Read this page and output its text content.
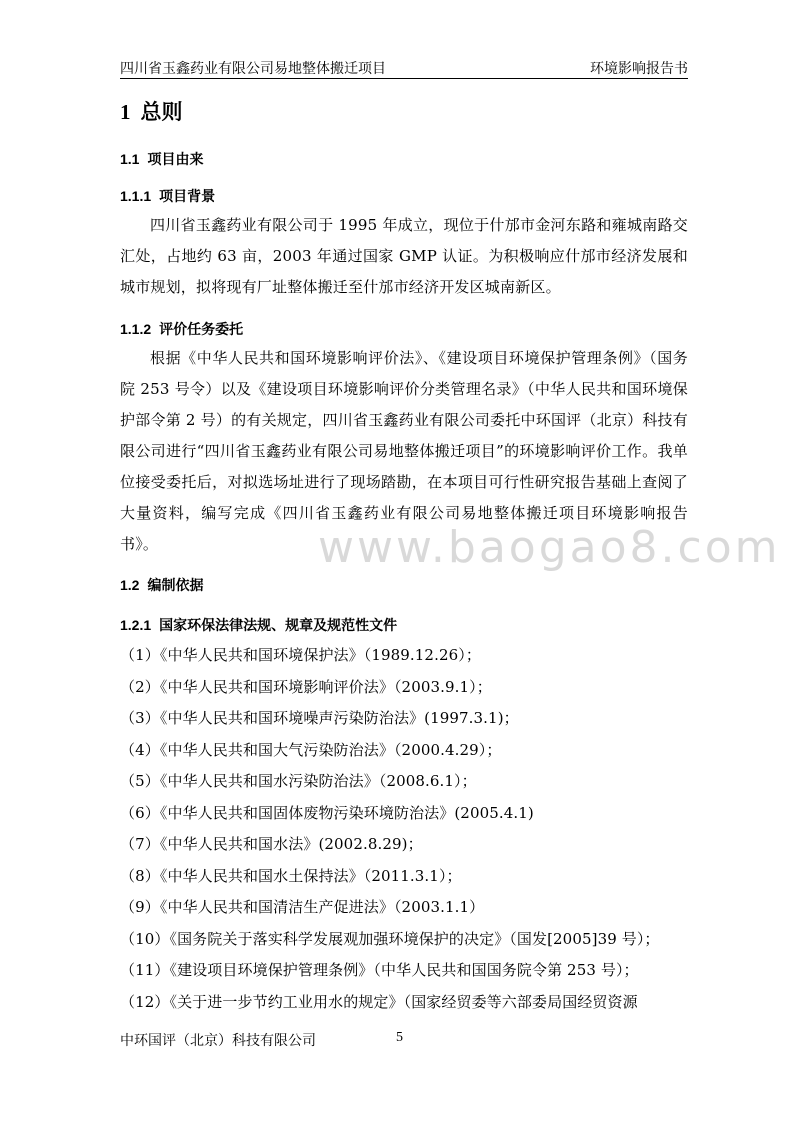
四川省玉鑫药业有限公司易地整体搬迁项目	环境影响报告书
1 总则
1.1 项目由来
1.1.1 项目背景

四川省玉鑫药业有限公司于 1995 年成立，现位于什邡市金河东路和雍城南路交汇处，占地约 63 亩，2003 年通过国家 GMP 认证。为积极响应什邡市经济发展和城市规划，拟将现有厂址整体搬迁至什邡市经济开发区城南新区。

1.1.2 评价任务委托

根据《中华人民共和国环境影响评价法》、《建设项目环境保护管理条例》（国务院 253 号令）以及《建设项目环境影响评价分类管理名录》（中华人民共和国环境保护部令第 2 号）的有关规定，四川省玉鑫药业有限公司委托中环国评（北京）科技有限公司进行“四川省玉鑫药业有限公司易地整体搬迁项目”的环境影响评价工作。我单位接受委托后，对拟选场址进行了现场踏勘，在本项目可行性研究报告基础上查阅了大量资料，编写完成《四川省玉鑫药业有限公司易地整体搬迁项目环境影响报告书》。

1.2 编制依据
1.2.1 国家环保法律法规、规章及规范性文件
（1）《中华人民共和国环境保护法》（1989.12.26）；
（2）《中华人民共和国环境影响评价法》（2003.9.1）；
（3）《中华人民共和国环境噪声污染防治法》(1997.3.1)；
（4）《中华人民共和国大气污染防治法》（2000.4.29）；
（5）《中华人民共和国水污染防治法》（2008.6.1）；
（6）《中华人民共和国固体废物污染环境防治法》(2005.4.1)
（7）《中华人民共和国水法》(2002.8.29)；
（8）《中华人民共和国水土保持法》（2011.3.1）；
（9）《中华人民共和国清洁生产促进法》（2003.1.1）
（10）《国务院关于落实科学发展观加强环境保护的决定》（国发[2005]39 号）；
（11）《建设项目环境保护管理条例》（中华人民共和国国务院令第 253 号）；
（12）《关于进一步节约工业用水的规定》（国家经贸委等六部委局国经贸资源
www.baogao8.com
中环国评（北京）科技有限公司	5
